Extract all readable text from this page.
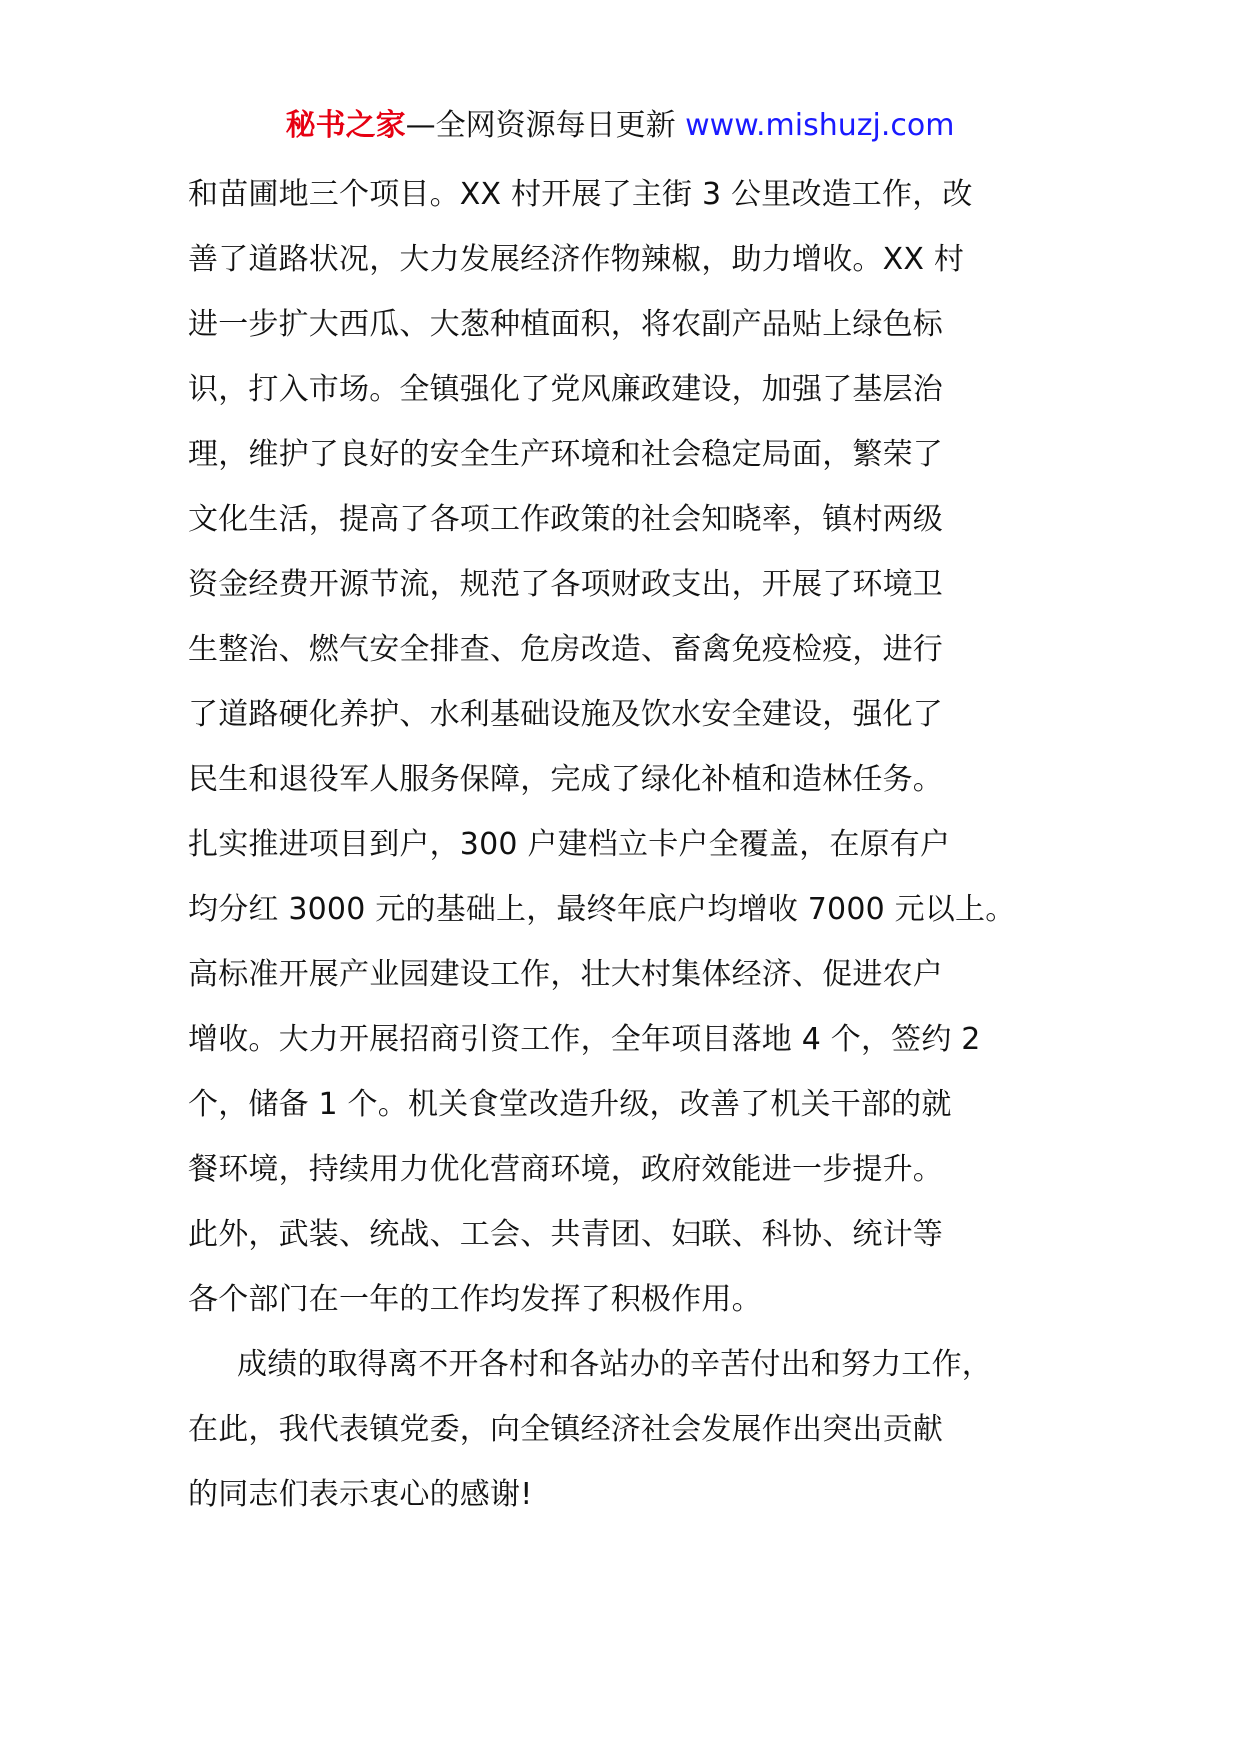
秘书之家—全网资源每日更新 www.mishuzj.com
和苗圃地三个项目。XX 村开展了主街 3 公里改造工作，改
善了道路状况，大力发展经济作物辣椒，助力增收。XX 村
进一步扩大西瓜、大葱种植面积，将农副产品贴上绿色标
识，打入市场。全镇强化了党风廉政建设，加强了基层治
理，维护了良好的安全生产环境和社会稳定局面，繁荣了
文化生活，提高了各项工作政策的社会知晓率，镇村两级
资金经费开源节流，规范了各项财政支出，开展了环境卫
生整治、燃气安全排查、危房改造、畜禽免疫检疫，进行
了道路硬化养护、水利基础设施及饮水安全建设，强化了
民生和退役军人服务保障，完成了绿化补植和造林任务。
扎实推进项目到户，300 户建档立卡户全覆盖，在原有户
均分红 3000 元的基础上，最终年底户均增收 7000 元以上。
高标准开展产业园建设工作，壮大村集体经济、促进农户
增收。大力开展招商引资工作，全年项目落地 4 个，签约 2
个，储备 1 个。机关食堂改造升级，改善了机关干部的就
餐环境，持续用力优化营商环境，政府效能进一步提升。
此外，武装、统战、工会、共青团、妇联、科协、统计等
各个部门在一年的工作均发挥了积极作用。
成绩的取得离不开各村和各站办的辛苦付出和努力工作，
在此，我代表镇党委，向全镇经济社会发展作出突出贡献
的同志们表示衷心的感谢!
